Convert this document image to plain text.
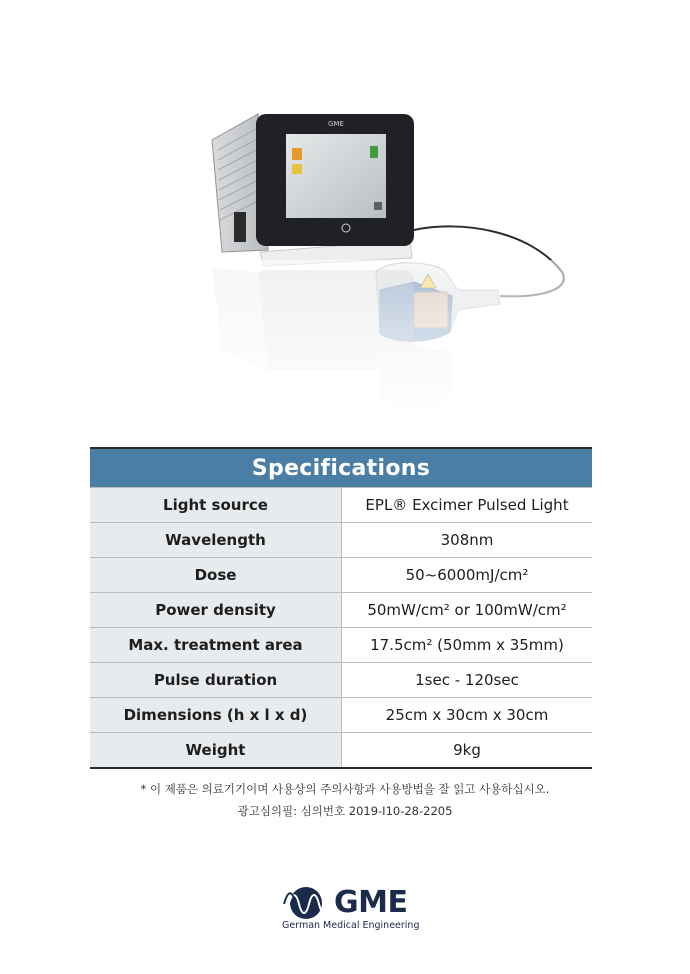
GME
Specifications
Light source	EPL® Excimer Pulsed Light
Wavelength	308nm
Dose	50~6000mJ/cm²
Power density	50mW/cm² or 100mW/cm²
Max. treatment area	17.5cm² (50mm x 35mm)
Pulse duration	1sec - 120sec
Dimensions (h x l x d)	25cm x 30cm x 30cm
Weight	9kg
* 이 제품은 의료기기이며 사용상의 주의사항과 사용방법을 잘 읽고 사용하십시오.
광고심의필: 심의번호 2019-I10-28-2205
GME
German Medical Engineering
